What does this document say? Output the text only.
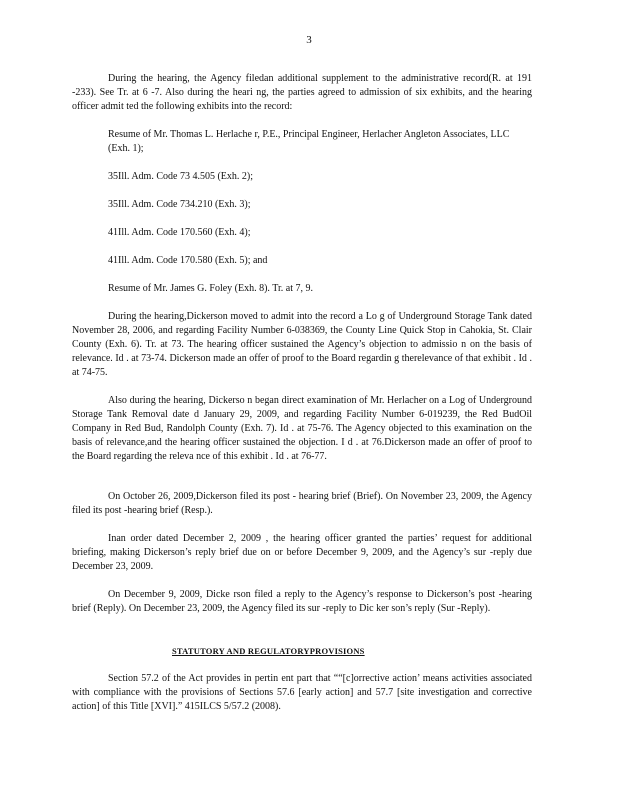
3
During the hearing, the Agency filedan additional supplement to the administrative record(R. at 191 -233). See Tr. at 6 -7. Also during the heari ng, the parties agreed to admission of six exhibits, and the hearing officer admit ted the following exhibits into the record:
Resume of Mr. Thomas L. Herlache r, P.E., Principal Engineer, Herlacher Angleton Associates, LLC (Exh. 1);
35Ill. Adm. Code 73 4.505 (Exh. 2);
35Ill. Adm. Code 734.210 (Exh. 3);
41Ill. Adm. Code 170.560 (Exh. 4);
41Ill. Adm. Code 170.580 (Exh. 5); and
Resume of Mr. James G. Foley (Exh. 8). Tr. at 7, 9.
During the hearing,Dickerson moved to admit into the record a Lo g of Underground Storage Tank dated November 28, 2006, and regarding Facility Number 6-038369, the County Line Quick Stop in Cahokia, St. Clair County (Exh. 6). Tr. at 73. The hearing officer sustained the Agency’s objection to admissio n on the basis of relevance. Id . at 73-74. Dickerson made an offer of proof to the Board regardin g therelevance of that exhibit . Id . at 74-75.
Also during the hearing, Dickerso n began direct examination of Mr. Herlacher on a Log of Underground Storage Tank Removal date d January 29, 2009, and regarding Facility Number 6-019239, the Red BudOil Company in Red Bud, Randolph County (Exh. 7). Id . at 75-76. The Agency objected to this examination on the basis of relevance,and the hearing officer sustained the objection. I d . at 76.Dickerson made an offer of proof to the Board regarding the releva nce of this exhibit . Id . at 76-77.
On October 26, 2009,Dickerson filed its post - hearing brief (Brief). On November 23, 2009, the Agency filed its post -hearing brief (Resp.).
Inan order dated December 2, 2009 , the hearing officer granted the parties’ request for additional briefing, making Dickerson’s reply brief due on or before December 9, 2009, and the Agency’s sur -reply due December 23, 2009.
On December 9, 2009, Dicke rson filed a reply to the Agency’s response to Dickerson’s post -hearing brief (Reply). On December 23, 2009, the Agency filed its sur -reply to Dic ker son’s reply (Sur -Reply).
STATUTORY AND REGULATORYPROVISIONS
Section 57.2 of the Act provides in pertin ent part that ““[c]orrective action’ means activities associated with compliance with the provisions of Sections 57.6 [early action] and 57.7 [site investigation and corrective action] of this Title [XVI].” 415ILCS 5/57.2 (2008).
